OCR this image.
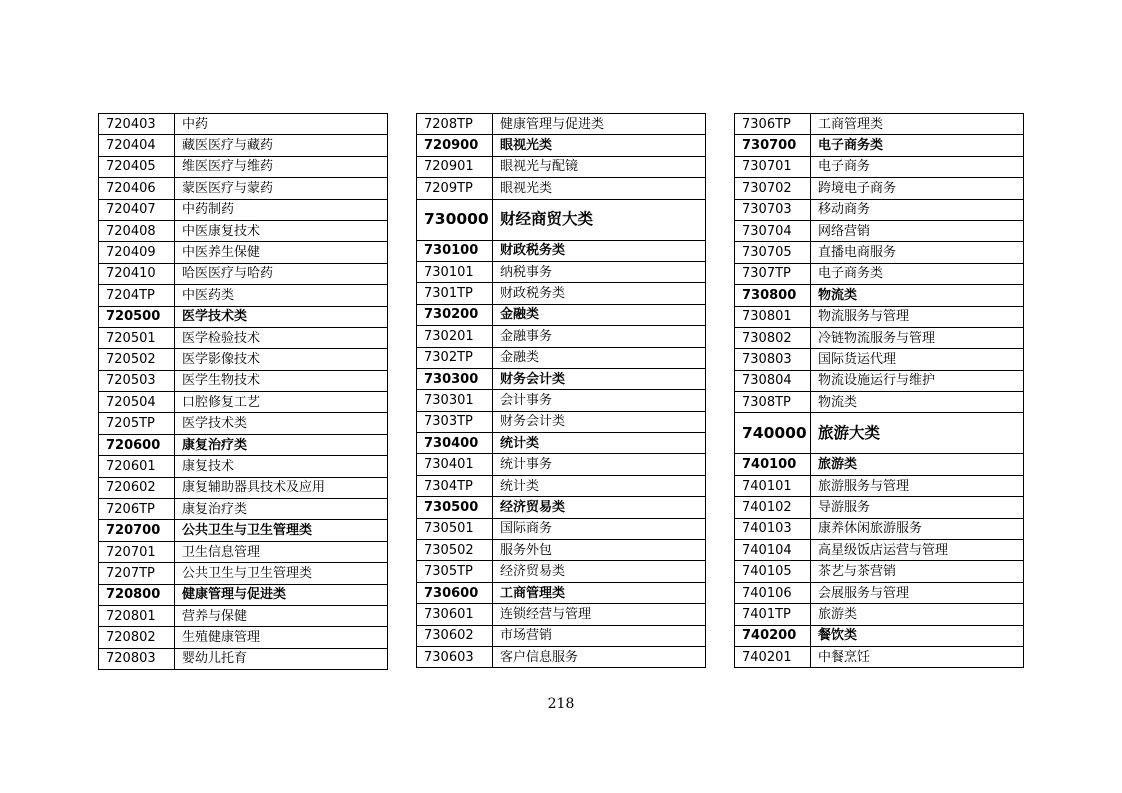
720403	中药
720404	藏医医疗与藏药
720405	维医医疗与维药
720406	蒙医医疗与蒙药
720407	中药制药
720408	中医康复技术
720409	中医养生保健
720410	哈医医疗与哈药
7204TP	中医药类
720500	医学技术类
720501	医学检验技术
720502	医学影像技术
720503	医学生物技术
720504	口腔修复工艺
7205TP	医学技术类
720600	康复治疗类
720601	康复技术
720602	康复辅助器具技术及应用
7206TP	康复治疗类
720700	公共卫生与卫生管理类
720701	卫生信息管理
7207TP	公共卫生与卫生管理类
720800	健康管理与促进类
720801	营养与保健
720802	生殖健康管理
720803	婴幼儿托育
7208TP	健康管理与促进类
720900	眼视光类
720901	眼视光与配镜
7209TP	眼视光类
730000	财经商贸大类
730100	财政税务类
730101	纳税事务
7301TP	财政税务类
730200	金融类
730201	金融事务
7302TP	金融类
730300	财务会计类
730301	会计事务
7303TP	财务会计类
730400	统计类
730401	统计事务
7304TP	统计类
730500	经济贸易类
730501	国际商务
730502	服务外包
7305TP	经济贸易类
730600	工商管理类
730601	连锁经营与管理
730602	市场营销
730603	客户信息服务
7306TP	工商管理类
730700	电子商务类
730701	电子商务
730702	跨境电子商务
730703	移动商务
730704	网络营销
730705	直播电商服务
7307TP	电子商务类
730800	物流类
730801	物流服务与管理
730802	冷链物流服务与管理
730803	国际货运代理
730804	物流设施运行与维护
7308TP	物流类
740000	旅游大类
740100	旅游类
740101	旅游服务与管理
740102	导游服务
740103	康养休闲旅游服务
740104	高星级饭店运营与管理
740105	茶艺与茶营销
740106	会展服务与管理
7401TP	旅游类
740200	餐饮类
740201	中餐烹饪
218
